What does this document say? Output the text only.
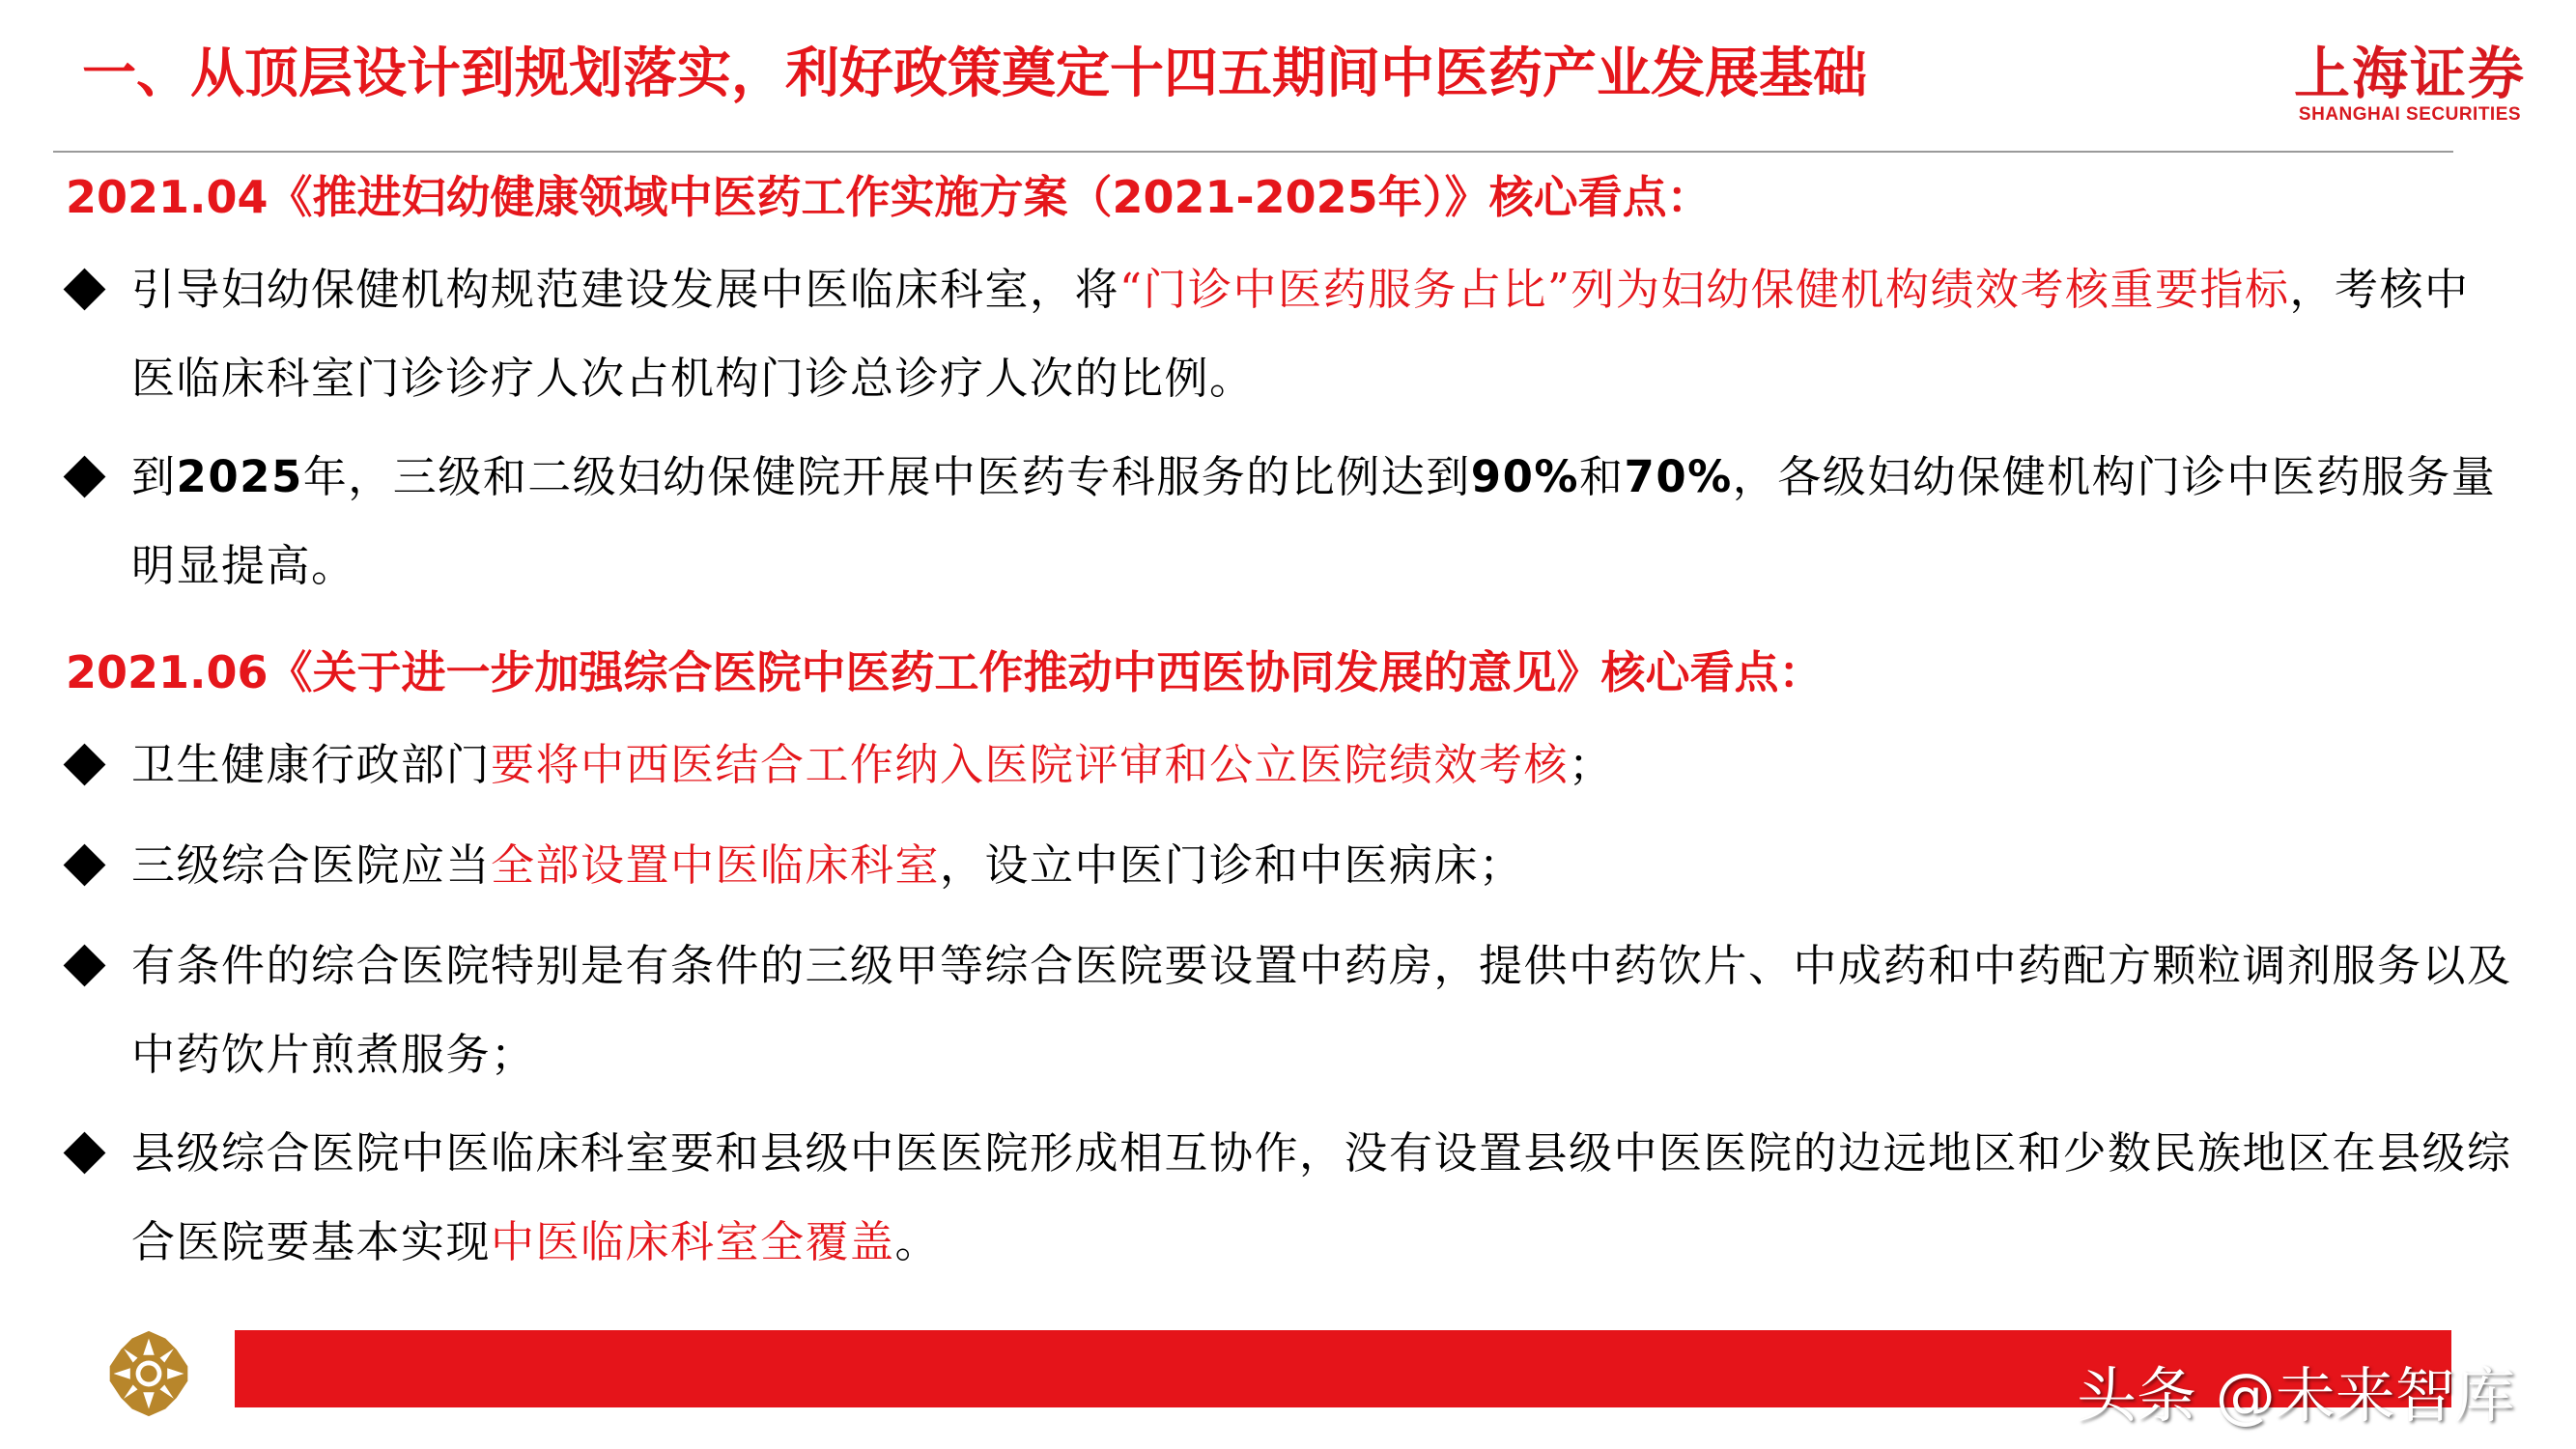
一、从顶层设计到规划落实，利好政策奠定十四五期间中医药产业发展基础	上海证券
SHANGHAI SECURITIES
2021.04《推进妇幼健康领域中医药工作实施方案（2021-2025年）》核心看点：
引导妇幼保健机构规范建设发展中医临床科室，将“门诊中医药服务占比”列为妇幼保健机构绩效考核重要指标，考核中医临床科室门诊诊疗人次占机构门诊总诊疗人次的比例。
到2025年，三级和二级妇幼保健院开展中医药专科服务的比例达到90%和70%，各级妇幼保健机构门诊中医药服务量明显提高。
2021.06《关于进一步加强综合医院中医药工作推动中西医协同发展的意见》核心看点：
卫生健康行政部门要将中西医结合工作纳入医院评审和公立医院绩效考核；
三级综合医院应当全部设置中医临床科室，设立中医门诊和中医病床；
有条件的综合医院特别是有条件的三级甲等综合医院要设置中药房，提供中药饮片、中成药和中药配方颗粒调剂服务以及中药饮片煎煮服务；
县级综合医院中医临床科室要和县级中医医院形成相互协作，没有设置县级中医医院的边远地区和少数民族地区在县级综合医院要基本实现中医临床科室全覆盖。
头条 @未来智库
